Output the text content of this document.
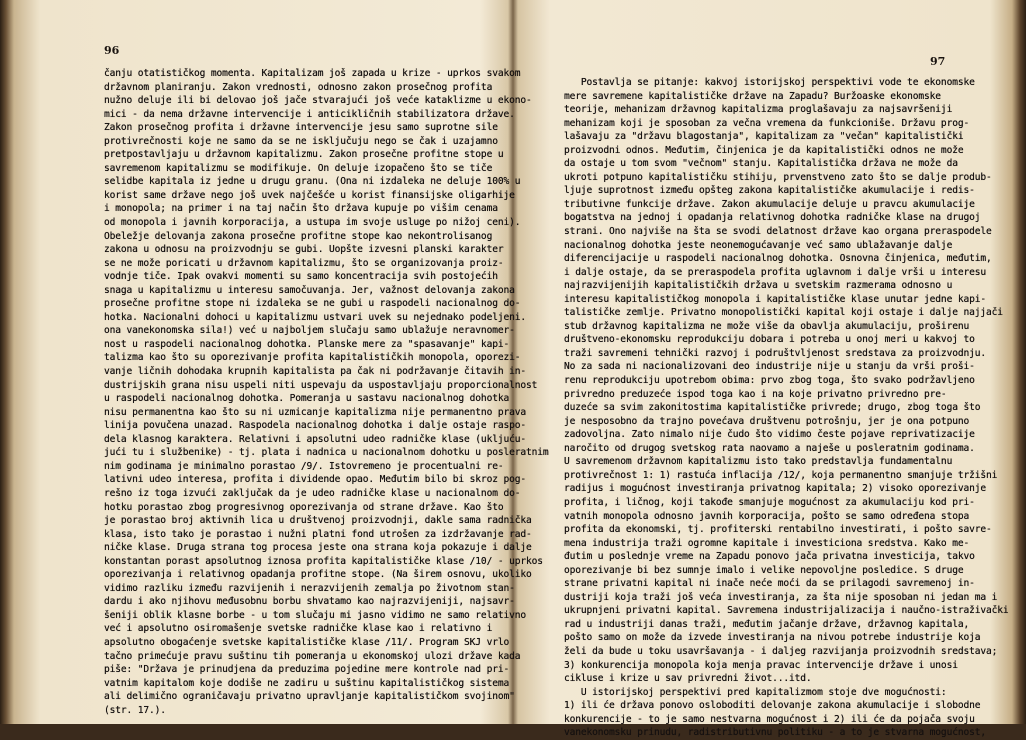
96
čanju otatističkog momenta. Kapitalizam još zapada u krize - uprkos svakom
državnom planiranju. Zakon vrednosti, odnosno zakon prosečnog profita
nužno deluje ili bi delovao još jače stvarajući još veće kataklizme u ekono-
mici - da nema državne intervencije i anticikličnih stabilizatora države.
Zakon prosečnog profita i državne intervencije jesu samo suprotne sile
protivrečnosti koje ne samo da se ne isključuju nego se čak i uzajamno
pretpostavljaju u državnom kapitalizmu. Zakon prosečne profitne stope u
savremenom kapitalizmu se modifikuje. On deluje izopačeno što se tiče
selidbe kapitala iz jedne u drugu granu. (Ona ni izdaleka ne deluje 100% u
korist same države nego još uvek najčešće u korist finansijske oligarhije
i monopola; na primer i na taj način što država kupuje po višim cenama
od monopola i javnih korporacija, a ustupa im svoje usluge po nižoj ceni).
Obeležje delovanja zakona prosečne profitne stope kao nekontrolisanog
zakona u odnosu na proizvodnju se gubi. Uopšte izvesni planski karakter
se ne može poricati u državnom kapitalizmu, što se organizovanja proiz-
vodnje tiče. Ipak ovakvi momenti su samo koncentracija svih postojećih
snaga u kapitalizmu u interesu samočuvanja. Jer, važnost delovanja zakona
prosečne profitne stope ni izdaleka se ne gubi u raspodeli nacionalnog do-
hotka. Nacionalni dohoci u kapitalizmu ustvari uvek su nejednako podeljeni.
ona vanekonomska sila!) već u najboljem slučaju samo ublažuje neravnomer-
nost u raspodeli nacionalnog dohotka. Planske mere za "spasavanje" kapi-
talizma kao što su oporezivanje profita kapitalističkih monopola, oporezi-
vanje ličnih dohodaka krupnih kapitalista pa čak ni podržavanje čitavih in-
dustrijskih grana nisu uspeli niti uspevaju da uspostavljaju proporcionalnost
u raspodeli nacionalnog dohotka. Pomeranja u sastavu nacionalnog dohotka
nisu permanentna kao što su ni uzmicanje kapitalizma nije permanentno prava
linija povučena unazad. Raspodela nacionalnog dohotka i dalje ostaje raspo-
dela klasnog karaktera. Relativni i apsolutni udeo radničke klase (ukljuću-
jući tu i službenike) - tj. plata i nadnica u nacionalnom dohotku u posleratnim
nim godinama je minimalno porastao /9/. Istovremeno je procentualni re-
lativni udeo interesa, profita i dividende opao. Međutim bilo bi skroz pog-
rešno iz toga izvući zaključak da je udeo radničke klase u nacionalnom do-
hotku porastao zbog progresivnog oporezivanja od strane države. Kao što
je porastao broj aktivnih lica u društvenoj proizvodnji, dakle sama radnička
klasa, isto tako je porastao i nužni platni fond utrošen za izdržavanje rad-
ničke klase. Druga strana tog procesa jeste ona strana koja pokazuje i dalje
konstantan porast apsolutnog iznosa profita kapitalističke klase /10/ - uprkos
oporezivanja i relativnog opadanja profitne stope. (Na širem osnovu, ukoliko
vidimo razliku između razvijenih i nerazvijenih zemalja po životnom stan-
dardu i ako njihovu međusobnu borbu shvatamo kao najrazvijeniji, najsavr-
šeniji oblik klasne borbe - u tom slučaju mi jasno vidimo ne samo relativno
već i apsolutno osiromašenje svetske radničke klase kao i relativno i
apsolutno obogaćenje svetske kapitalističke klase /11/. Program SKJ vrlo
tačno primećuje pravu suštinu tih pomeranja u ekonomskoj ulozi države kada
piše: "Država je prinudjena da preduzima pojedine mere kontrole nad pri-
vatnim kapitalom koje dodiše ne zadiru u suštinu kapitalističkog sistema
ali delimično ograničavaju privatno upravljanje kapitalističkom svojinom"
(str. 17.).
97
Postavlja se pitanje: kakvoj istorijskoj perspektivi vode te ekonomske
mere savremene kapitalističke države na Zapadu? Buržoaske ekonomske
teorije, mehanizam državnog kapitalizma proglašavaju za najsavršeniji
mehanizam koji je sposoban za večna vremena da funkcioniše. Državu prog-
lašavaju za "državu blagostanja", kapitalizam za "večan" kapitalistički
proizvodni odnos. Međutim, činjenica je da kapitalistički odnos ne može
da ostaje u tom svom "večnom" stanju. Kapitalistička država ne može da
ukroti potpuno kapitalističku stihiju, prvenstveno zato što se dalje produb-
ljuje suprotnost između opšteg zakona kapitalističke akumulacije i redis-
tributivne funkcije države. Zakon akumulacije deluje u pravcu akumulacije
bogatstva na jednoj i opadanja relativnog dohotka radničke klase na drugoj
strani. Ono najviše na šta se svodi delatnost države kao organa preraspodele
nacionalnog dohotka jeste neonemogućavanje već samo ublažavanje dalje
diferencijacije u raspodeli nacionalnog dohotka. Osnovna činjenica, međutim,
i dalje ostaje, da se preraspodela profita uglavnom i dalje vrši u interesu
najrazvijenijih kapitalističkih država u svetskim razmerama odnosno u
interesu kapitalističkog monopola i kapitalističke klase unutar jedne kapi-
talističke zemlje. Privatno monopolistički kapital koji ostaje i dalje najjači
stub državnog kapitalizma ne može više da obavlja akumulaciju, proširenu
društveno-ekonomsku reprodukciju dobara i potreba u onoj meri u kakvoj to
traži savremeni tehnički razvoj i podruštvljenost sredstava za proizvodnju.
No za sada ni nacionalizovani deo industrije nije u stanju da vrši proši-
renu reprodukciju upotrebom obima: prvo zbog toga, što svako podržavljeno
privredno preduzeće ispod toga kao i na koje privatno privredno pre-
duzeće sa svim zakonitostima kapitalističke privrede; drugo, zbog toga što
je nesposobno da trajno povećava društvenu potrošnju, jer je ona potpuno
zadovoljna. Zato nimalo nije čudo što vidimo česte pojave reprivatizacije
naročito od drugog svetskog rata naovamo a naješe u posleratnim godinama.
U savremenom državnom kapitalizmu isto tako predstavlja fundamentalnu
protivrečnost 1: 1) rastuća inflacija /12/, koja permanentno smanjuje tržišni
radijus i mogućnost investiranja privatnog kapitala; 2) visoko oporezivanje
profita, i ličnog, koji takođe smanjuje mogućnost za akumulaciju kod pri-
vatnih monopola odnosno javnih korporacija, pošto se samo određena stopa
profita da ekonomski, tj. profiterski rentabilno investirati, i pošto savre-
mena industrija traži ogromne kapitale i investiciona sredstva. Kako me-
đutim u poslednje vreme na Zapadu ponovo jača privatna investicija, takvo
oporezivanje bi bez sumnje imalo i velike nepovoljne posledice. S druge
strane privatni kapital ni inače neće moći da se prilagodi savremenoj in-
dustriji koja traži još veća investiranja, za šta nije sposoban ni jedan ma i
ukrupnjeni privatni kapital. Savremena industrijalizacija i naučno-istraživački
rad u industriji danas traži, međutim jačanje države, državnog kapitala,
pošto samo on može da izvede investiranja na nivou potrebe industrije koja
želi da bude u toku usavršavanja - i daljeg razvijanja proizvodnih sredstava;
3) konkurencija monopola koja menja pravac intervencije države i unosi
cikluse i krize u sav privredni život...itd.
U istorijskoj perspektivi pred kapitalizmom stoje dve mogućnosti:
1) ili će država ponovo osloboditi delovanje zakona akumulacije i slobodne
konkurencije - to je samo nestvarna mogućnost i 2) ili će da pojača svoju
vanekonomsku prinudu, radistributivnu politiku - a to je stvarna mogućnost,
